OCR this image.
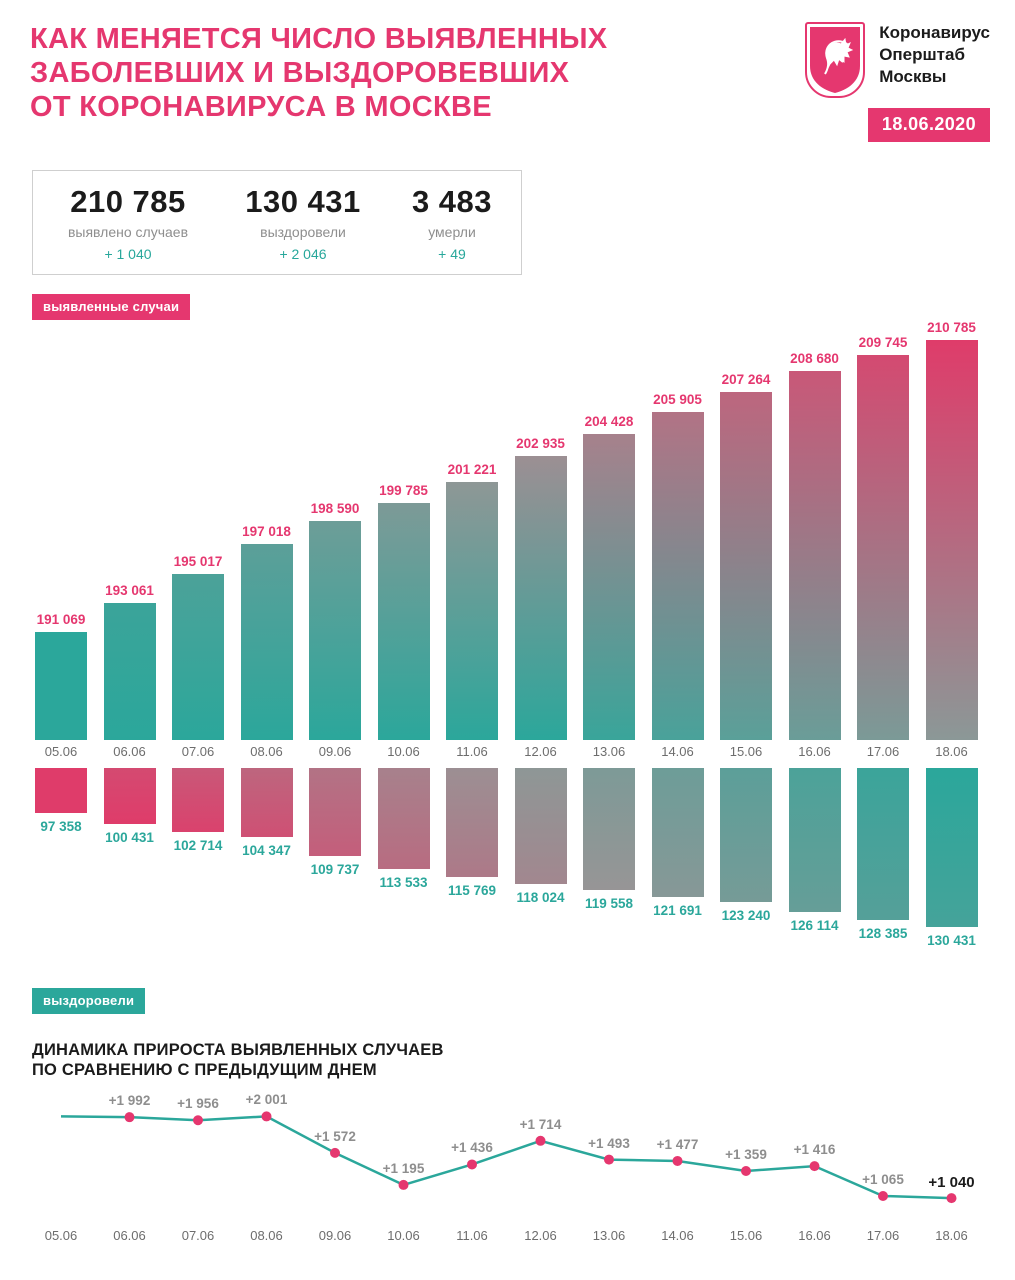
КАК МЕНЯЕТСЯ ЧИСЛО ВЫЯВЛЕННЫХ
ЗАБОЛЕВШИХ И ВЫЗДОРОВЕВШИХ
ОТ КОРОНАВИРУСА В МОСКВЕ
Коронавирус
Оперштаб
Москвы
18.06.2020
210 785
выявлено случаев
+ 1 040
130 431
выздоровели
+ 2 046
3 483
умерли
+ 49
выявленные случаи
выздоровели
191 069
193 061
195 017
197 018
198 590
199 785
201 221
202 935
204 428
205 905
207 264
208 680
209 745
210 785
05.06	06.06	07.06	08.06	09.06	10.06	11.06	12.06	13.06	14.06	15.06	16.06	17.06	18.06
97 358
100 431
102 714	104 347
109 737
113 533
115 769	118 024	119 558	121 691	123 240
126 114
128 385	130 431
ДИНАМИКА ПРИРОСТА ВЫЯВЛЕННЫХ СЛУЧАЕВ
ПО СРАВНЕНИЮ С ПРЕДЫДУЩИМ ДНЕМ
+1 992	+1 956	+2 001
+1 572
+1 195
+1 436
+1 714
+1 493	+1 477
+1 359	+1 416
+1 065	+1 040
05.06	06.06	07.06	08.06	09.06	10.06	11.06	12.06	13.06	14.06	15.06	16.06	17.06	18.06
